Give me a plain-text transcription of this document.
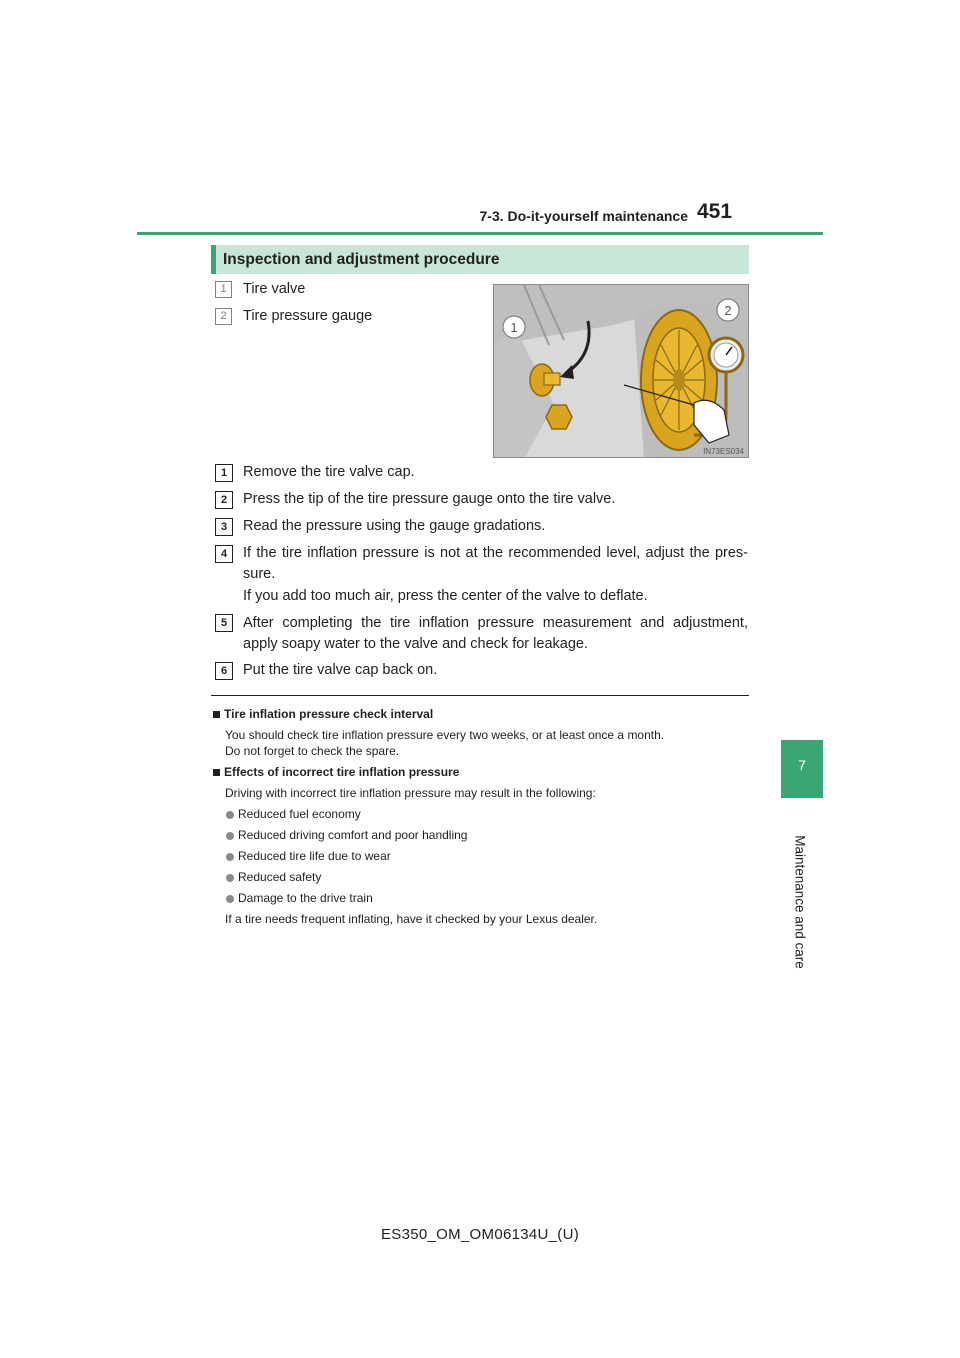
7-3. Do-it-yourself maintenance 451
7
Maintenance and care
Inspection and adjustment procedure
1	Tire valve
2	Tire pressure gauge
1
2
IN73ES034
1	Remove the tire valve cap.
2	Press the tip of the tire pressure gauge onto the tire valve.
3	Read the pressure using the gauge gradations.
4	If the tire inflation pressure is not at the recommended level, adjust the pres-sure.
If you add too much air, press the center of the valve to deflate.
5	After completing the tire inflation pressure measurement and adjustment, apply soapy water to the valve and check for leakage.
6	Put the tire valve cap back on.
Tire inflation pressure check interval
You should check tire inflation pressure every two weeks, or at least once a month.
Do not forget to check the spare.
Effects of incorrect tire inflation pressure
Driving with incorrect tire inflation pressure may result in the following:
Reduced fuel economy
Reduced driving comfort and poor handling
Reduced tire life due to wear
Reduced safety
Damage to the drive train
If a tire needs frequent inflating, have it checked by your Lexus dealer.
ES350_OM_OM06134U_(U)
